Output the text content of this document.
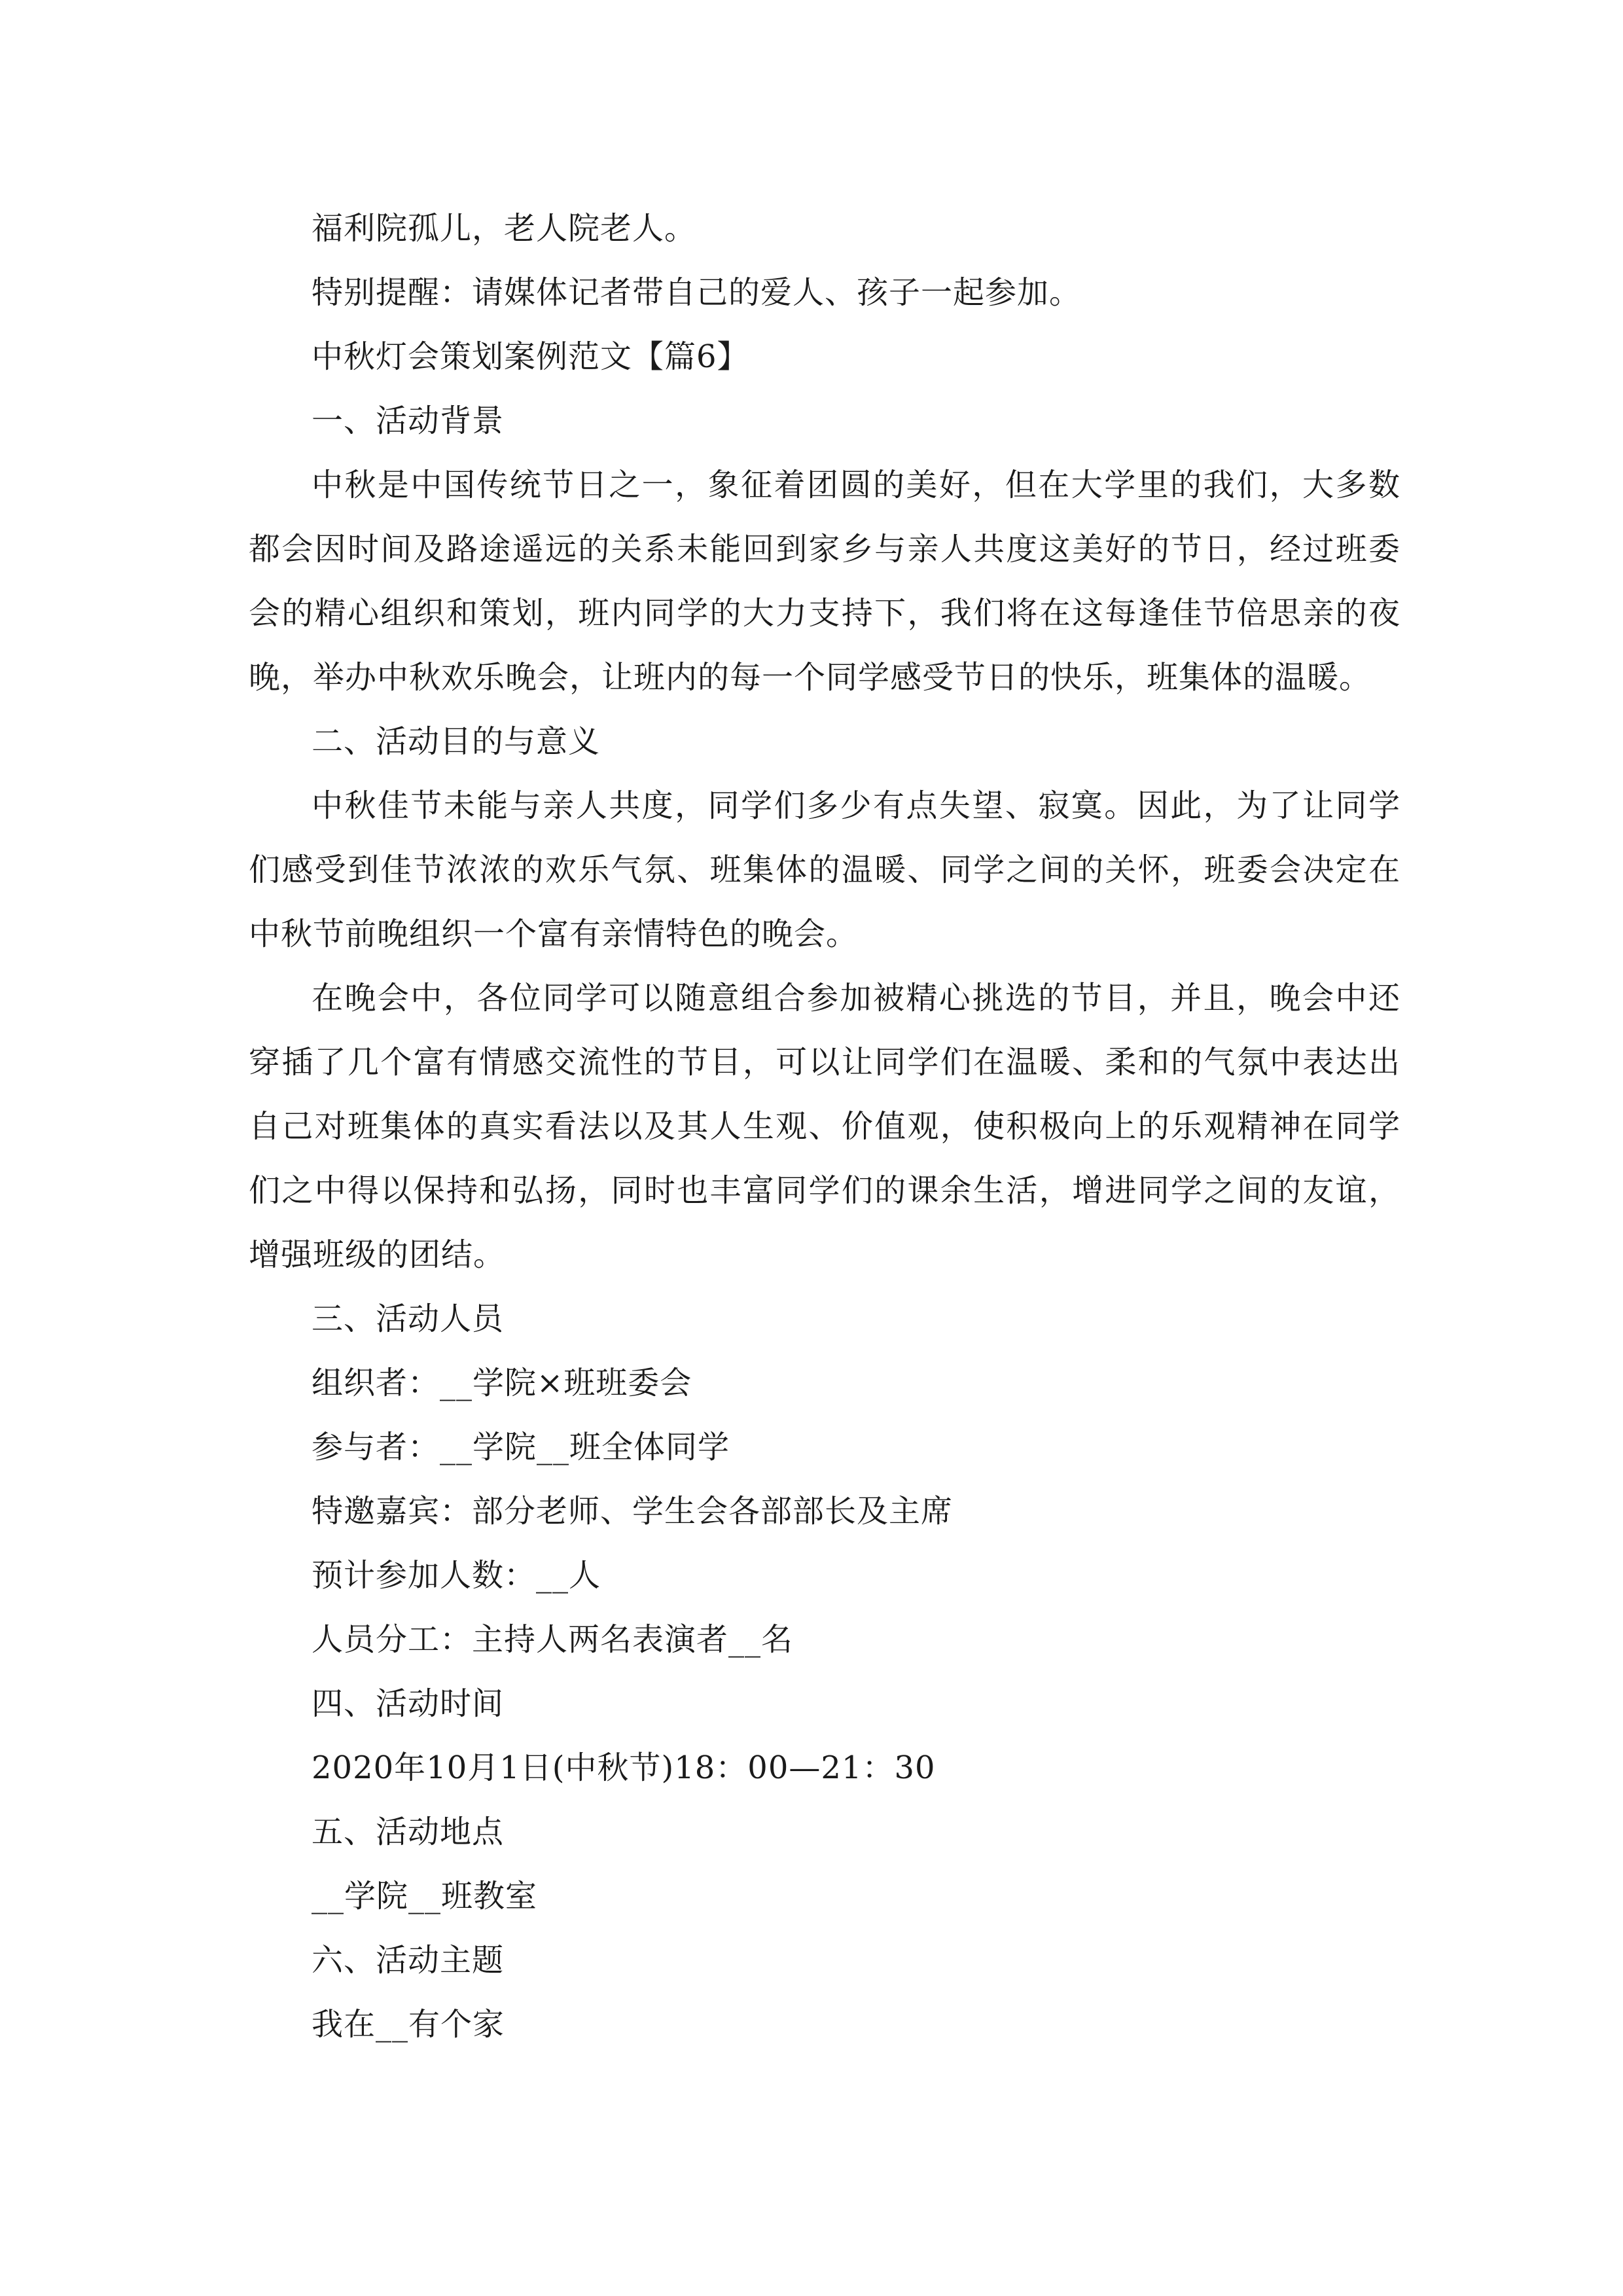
福利院孤儿，老人院老人。
特别提醒：请媒体记者带自己的爱人、孩子一起参加。
中秋灯会策划案例范文【篇6】
一、活动背景
中秋是中国传统节日之一，象征着团圆的美好，但在大学里的我们，大多数都会因时间及路途遥远的关系未能回到家乡与亲人共度这美好的节日，经过班委会的精心组织和策划，班内同学的大力支持下，我们将在这每逢佳节倍思亲的夜晚，举办中秋欢乐晚会，让班内的每一个同学感受节日的快乐，班集体的温暖。
二、活动目的与意义
中秋佳节未能与亲人共度，同学们多少有点失望、寂寞。因此，为了让同学们感受到佳节浓浓的欢乐气氛、班集体的温暖、同学之间的关怀，班委会决定在中秋节前晚组织一个富有亲情特色的晚会。
在晚会中，各位同学可以随意组合参加被精心挑选的节目，并且，晚会中还穿插了几个富有情感交流性的节目，可以让同学们在温暖、柔和的气氛中表达出自己对班集体的真实看法以及其人生观、价值观，使积极向上的乐观精神在同学们之中得以保持和弘扬，同时也丰富同学们的课余生活，增进同学之间的友谊，增强班级的团结。
三、活动人员
组织者：__学院×班班委会
参与者：__学院__班全体同学
特邀嘉宾：部分老师、学生会各部部长及主席
预计参加人数：__人
人员分工：主持人两名表演者__名
四、活动时间
2020年10月1日(中秋节)18：00—21：30
五、活动地点
__学院__班教室
六、活动主题
我在__有个家
